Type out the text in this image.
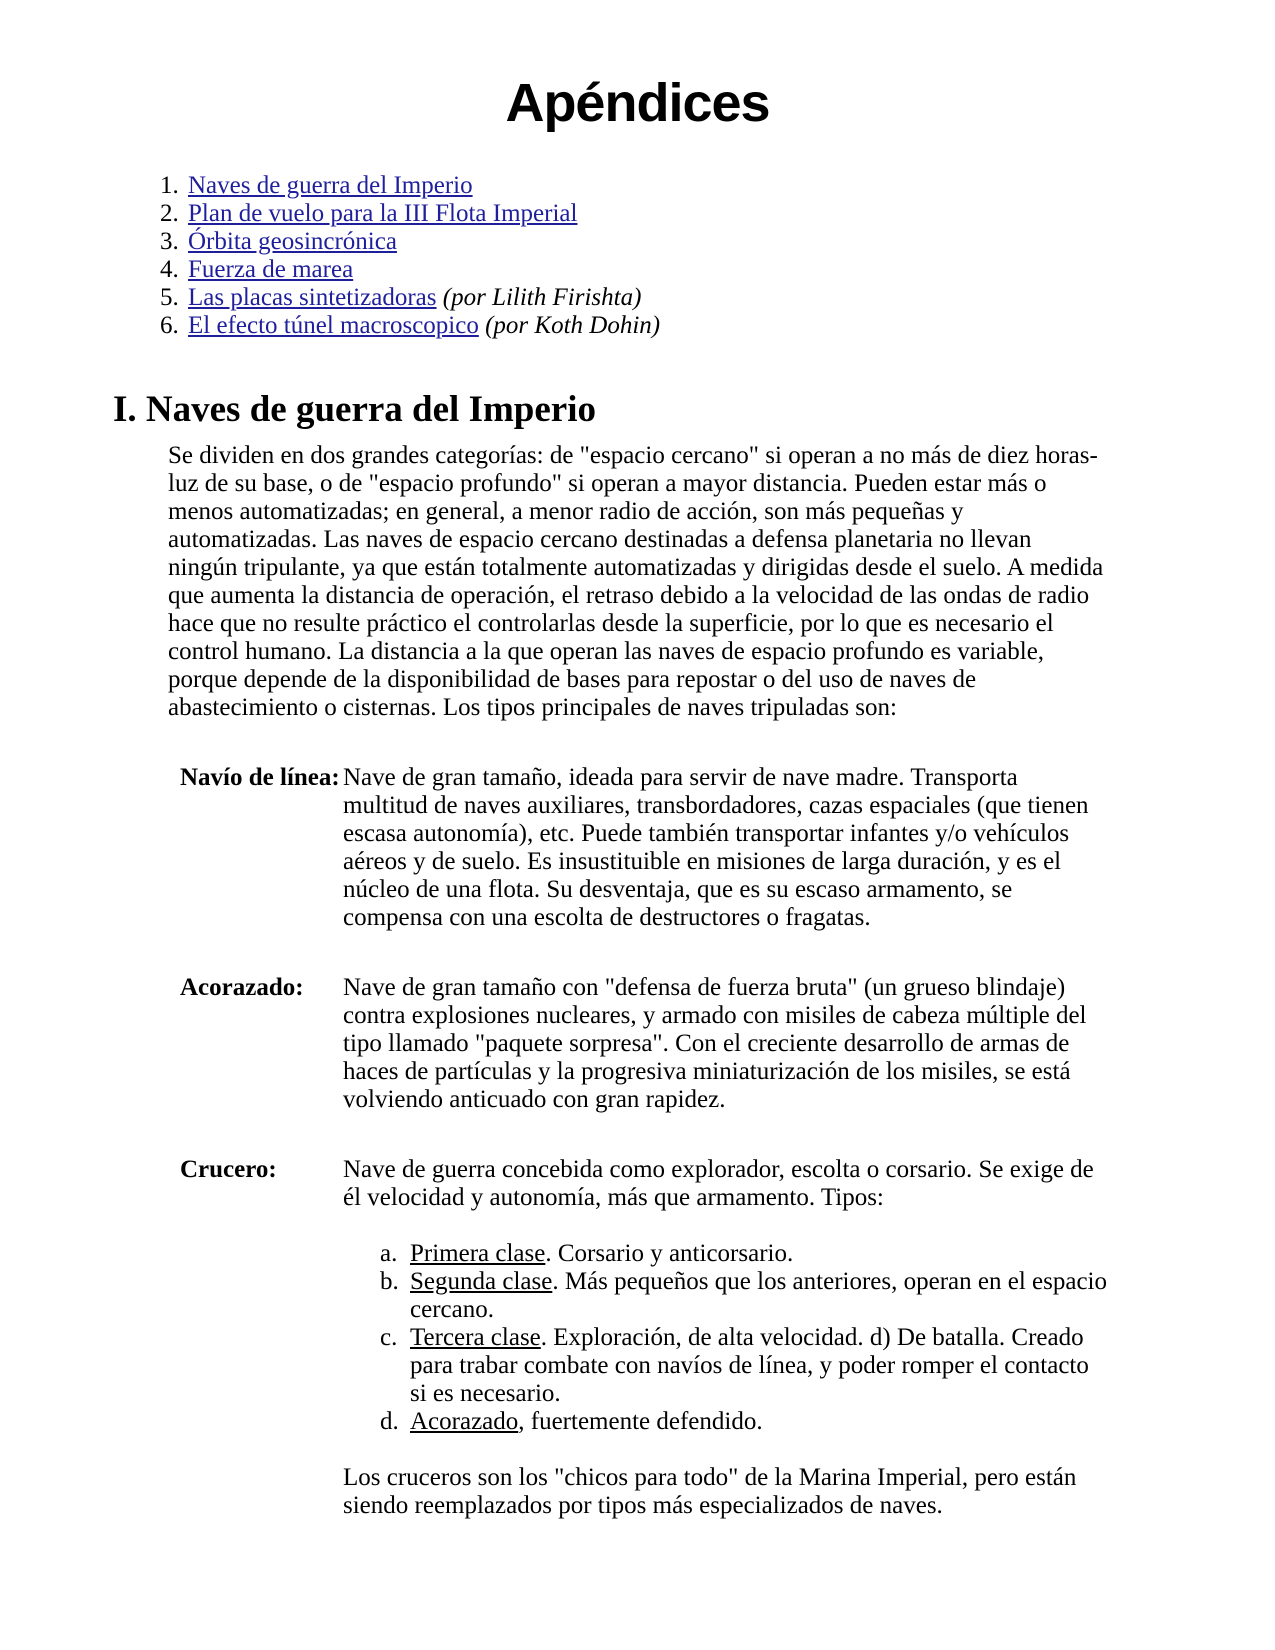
Apéndices
1. Naves de guerra del Imperio
2. Plan de vuelo para la III Flota Imperial
3. Órbita geosincrónica
4. Fuerza de marea
5. Las placas sintetizadoras (por Lilith Firishta)
6. El efecto túnel macroscopico (por Koth Dohin)
I. Naves de guerra del Imperio

Se dividen en dos grandes categorías: de "espacio cercano" si operan a no más de diez horas-luz de su base, o de "espacio profundo" si operan a mayor distancia. Pueden estar más o menos automatizadas; en general, a menor radio de acción, son más pequeñas y automatizadas. Las naves de espacio cercano destinadas a defensa planetaria no llevan ningún tripulante, ya que están totalmente automatizadas y dirigidas desde el suelo. A medida que aumenta la distancia de operación, el retraso debido a la velocidad de las ondas de radio hace que no resulte práctico el controlarlas desde la superficie, por lo que es necesario el control humano. La distancia a la que operan las naves de espacio profundo es variable, porque depende de la disponibilidad de bases para repostar o del uso de naves de abastecimiento o cisternas. Los tipos principales de naves tripuladas son:

Navío de línea: Nave de gran tamaño, ideada para servir de nave madre. Transporta multitud de naves auxiliares, transbordadores, cazas espaciales (que tienen escasa autonomía), etc. Puede también transportar infantes y/o vehículos aéreos y de suelo. Es insustituible en misiones de larga duración, y es el núcleo de una flota. Su desventaja, que es su escaso armamento, se compensa con una escolta de destructores o fragatas.
Acorazado:	Nave de gran tamaño con "defensa de fuerza bruta" (un grueso blindaje) contra explosiones nucleares, y armado con misiles de cabeza múltiple del tipo llamado "paquete sorpresa". Con el creciente desarrollo de armas de haces de partículas y la progresiva miniaturización de los misiles, se está volviendo anticuado con gran rapidez.
Crucero:	Nave de guerra concebida como explorador, escolta o corsario. Se exige de él velocidad y autonomía, más que armamento. Tipos:
a. Primera clase. Corsario y anticorsario.
b. Segunda clase. Más pequeños que los anteriores, operan en el espacio cercano.
c. Tercera clase. Exploración, de alta velocidad. d) De batalla. Creado para trabar combate con navíos de línea, y poder romper el contacto si es necesario.
d. Acorazado, fuertemente defendido.

Los cruceros son los "chicos para todo" de la Marina Imperial, pero están siendo reemplazados por tipos más especializados de naves.
